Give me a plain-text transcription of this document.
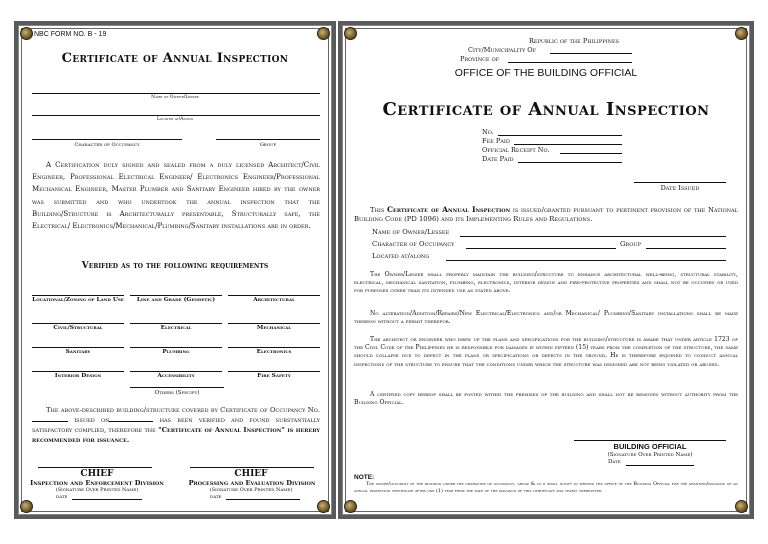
NBC FORM NO. B - 19
Certificate of Annual Inspection
Name of Owner/Lessee
Located at/Along
Character of Occupancy	Group
A Certification duly signed and sealed from a duly licensed Architect/Civil Engineer, Professional Electrical Engineer/ Electronics Engineer/Professional Mechanical Engineer, Master Plumber and Sanitary Engineer hired by the owner was submitted and who undertook the annual inspection that the Building/Structure is Architecturally presentable, Structurally safe, the Electrical/ Electronics/Mechanical/Plumbing/Sanitary installations are in order.
Verified as to the following requirements
Locational/Zoning of Land Use	Line and Grade (Geodetic)	Architectural
Civil/Structural	Electrical	Mechanical
Sanitary	Plumbing	Electronics
Interior Design	Accessibility	Fire Safety
Others (Specify)
The above-described building/structure covered by Certificate of Occupancy No. issued on	has been verified and found substantially satisfactory complied, therefore the "Certificate of Annual Inspection" is hereby recommended for issuance.
CHIEF	CHIEF
Inspection and Enforcement Division	Processing and Evaluation Division
(Signature Over Printed Name)	(Signature Over Printed Name)
date	date
Republic of the Philippines
City/Municipality Of
Province of
OFFICE OF THE BUILDING OFFICIAL
Certificate of Annual Inspection
No.
Fee Paid
Official Receipt No.
Date Paid
Date Issued
This Certificate of Annual Inspection is issued/granted pursuant to pertinent provision of the National Building Code (PD 1096) and its Implementing Rules and Regulations.
Name of Owner/Lessee
Character of Occupancy	Group
Located at/along
The Owner/Lessee shall properly maintain the building/structure to enhance architectural well-being, structural stability, electrical, mechanical sanitation, plumbing, electronics, interior design and fire-protective properties and shall not be occupied or used for purposes other than its intended use as stated above.
No alteration/Addition/Repairs/New Electrical/Electronics and/or Mechanical/ Plumbing/Sanitary installations shall be made thereon without a permit therefor.
The architect or engineer who drew up the plans and specifications for the building/structure is aware that under article 1723 of the Civil Code of the Philippines he is responsible for damages if within fifteen (15) years from the completion of the structure, the same should collapse due to defect in the plans or specifications or defects in the ground. He is therefore enjoined to conduct annual inspections of the structure to ensure that the conditions under which the structure was designed are not being violated or abused.
A certified copy hereof shall be posted within the premises of the building and shall not be removed without authority from the Building Official.
BUILDING OFFICIAL
(Signature Over Printed Name)
Date
NOTE:
The owner/occupant of the building under the character of occupancy, group & to ii shall notify in writing the office of the Building Official for the granting/issuance of an annual inspection certificate after one (1) year from the date of the issuance of this certificate and yearly thereafter.
